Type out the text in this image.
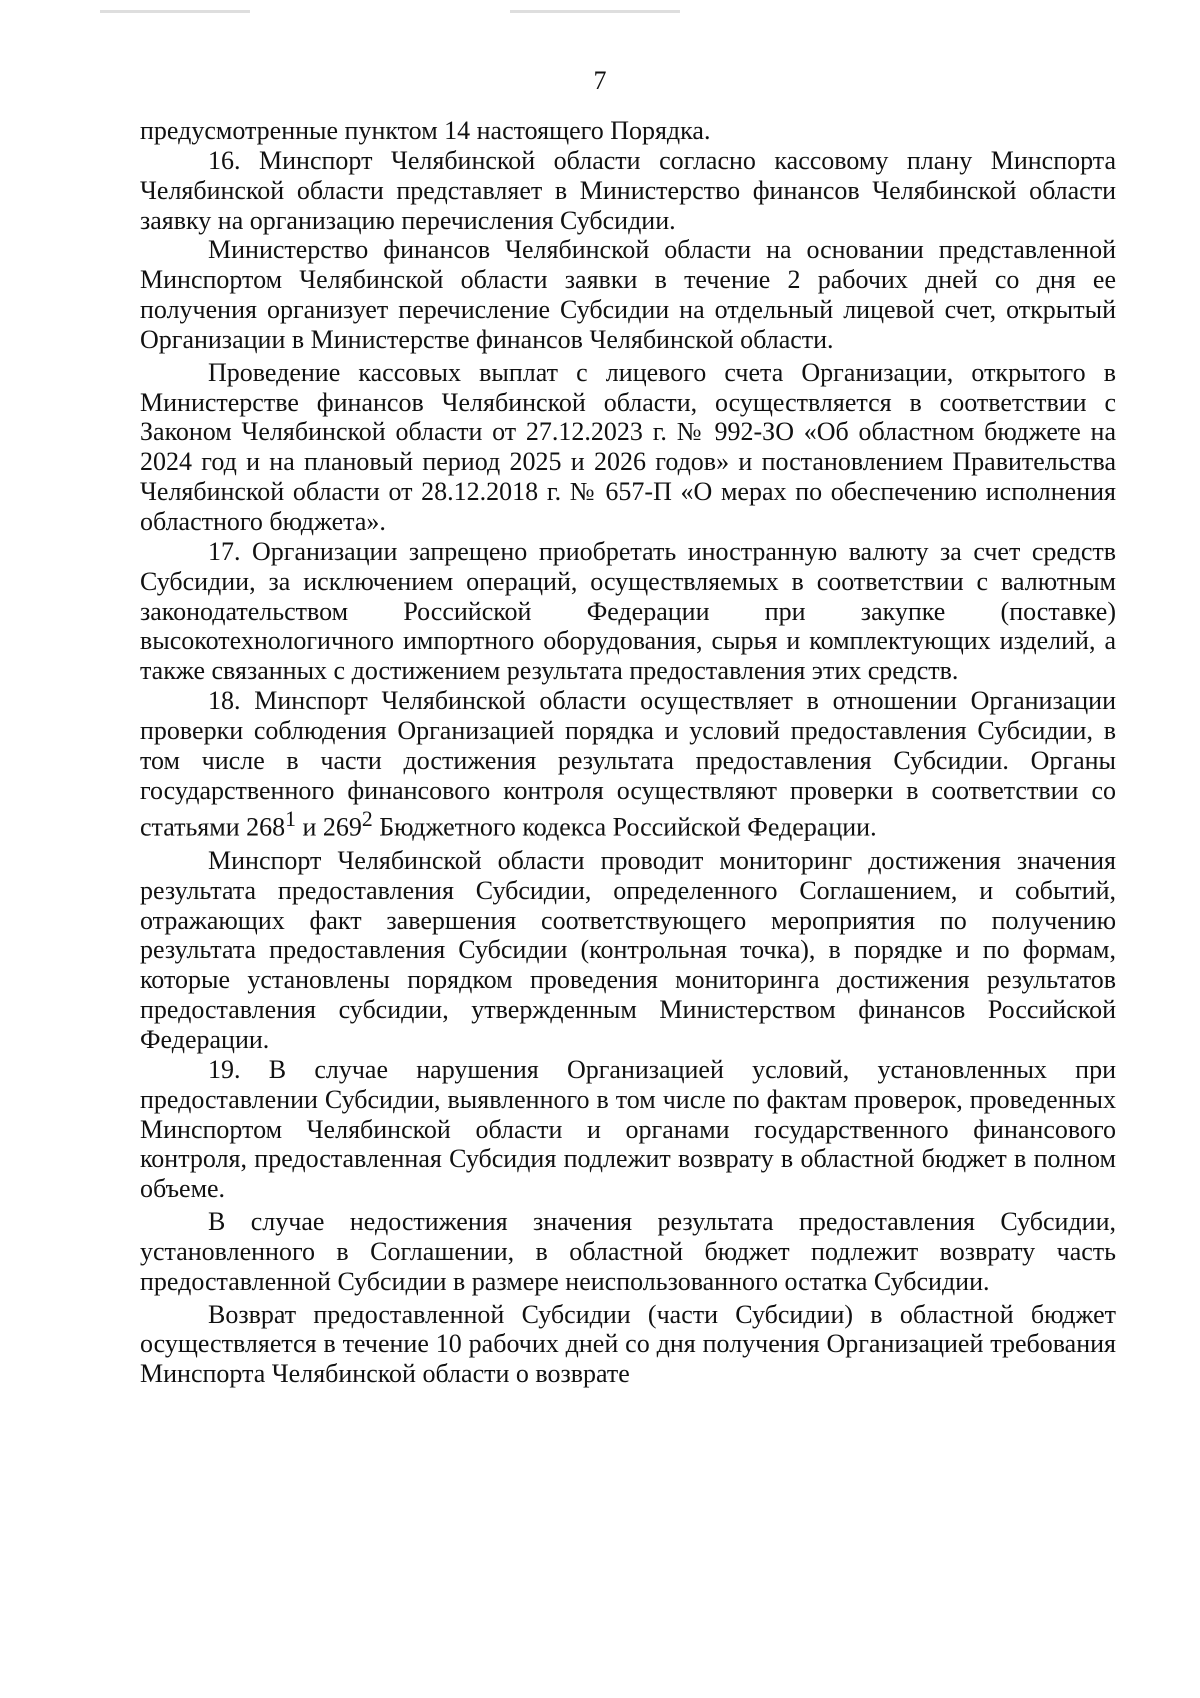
7

предусмотренные пунктом 14 настоящего Порядка.

16. Минспорт Челябинской области согласно кассовому плану Минспорта Челябинской области представляет в Министерство финансов Челябинской области заявку на организацию перечисления Субсидии.

Министерство финансов Челябинской области на основании представленной Минспортом Челябинской области заявки в течение 2 рабочих дней со дня ее получения организует перечисление Субсидии на отдельный лицевой счет, открытый Организации в Министерстве финансов Челябинской области.

Проведение кассовых выплат с лицевого счета Организации, открытого в Министерстве финансов Челябинской области, осуществляется в соответствии с Законом Челябинской области от 27.12.2023 г. № 992-ЗО «Об областном бюджете на 2024 год и на плановый период 2025 и 2026 годов» и постановлением Правительства Челябинской области от 28.12.2018 г. № 657-П «О мерах по обеспечению исполнения областного бюджета».

17. Организации запрещено приобретать иностранную валюту за счет средств Субсидии, за исключением операций, осуществляемых в соответствии с валютным законодательством Российской Федерации при закупке (поставке) высокотехнологичного импортного оборудования, сырья и комплектующих изделий, а также связанных с достижением результата предоставления этих средств.

18. Минспорт Челябинской области осуществляет в отношении Организации проверки соблюдения Организацией порядка и условий предоставления Субсидии, в том числе в части достижения результата предоставления Субсидии. Органы государственного финансового контроля осуществляют проверки в соответствии со статьями $268^1$ и $269^2$ Бюджетного кодекса Российской Федерации.

Минспорт Челябинской области проводит мониторинг достижения значения результата предоставления Субсидии, определенного Соглашением, и событий, отражающих факт завершения соответствующего мероприятия по получению результата предоставления Субсидии (контрольная точка), в порядке и по формам, которые установлены порядком проведения мониторинга достижения результатов предоставления субсидии, утвержденным Министерством финансов Российской Федерации.

19. В случае нарушения Организацией условий, установленных при предоставлении Субсидии, выявленного в том числе по фактам проверок, проведенных Минспортом Челябинской области и органами государственного финансового контроля, предоставленная Субсидия подлежит возврату в областной бюджет в полном объеме.

В случае недостижения значения результата предоставления Субсидии, установленного в Соглашении, в областной бюджет подлежит возврату часть предоставленной Субсидии в размере неиспользованного остатка Субсидии.

Возврат предоставленной Субсидии (части Субсидии) в областной бюджет осуществляется в течение 10 рабочих дней со дня получения Организацией требования Минспорта Челябинской области о возврате
